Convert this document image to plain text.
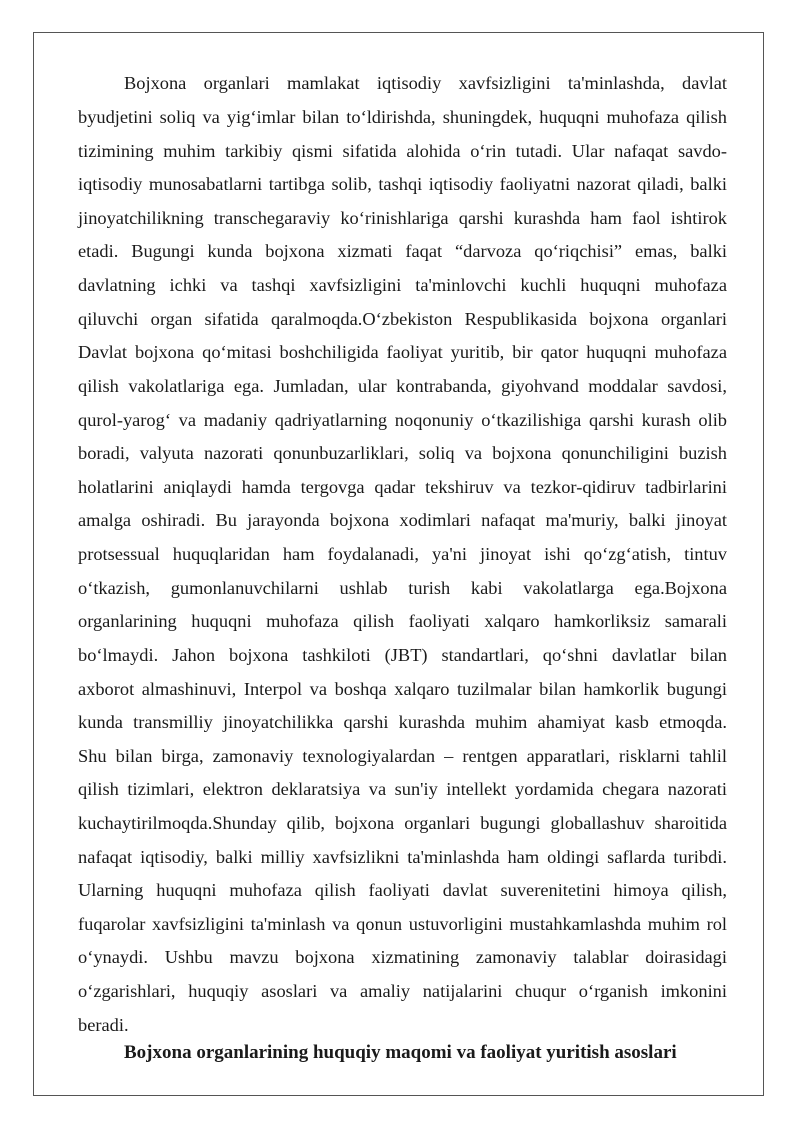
Bojxona organlari mamlakat iqtisodiy xavfsizligini ta'minlashda, davlat

byudjetini soliq va yig‘imlar bilan to‘ldirishda, shuningdek, huquqni muhofaza qilish

tizimining muhim tarkibiy qismi sifatida alohida o‘rin tutadi. Ular nafaqat savdo-

iqtisodiy munosabatlarni tartibga solib, tashqi iqtisodiy faoliyatni nazorat qiladi, balki

jinoyatchilikning transchegaraviy ko‘rinishlariga qarshi kurashda ham faol ishtirok

etadi. Bugungi kunda bojxona xizmati faqat “darvoza qo‘riqchisi” emas, balki

davlatning ichki va tashqi xavfsizligini ta'minlovchi kuchli huquqni muhofaza

qiluvchi organ sifatida qaralmoqda.O‘zbekiston Respublikasida bojxona organlari

Davlat bojxona qo‘mitasi boshchiligida faoliyat yuritib, bir qator huquqni muhofaza

qilish vakolatlariga ega. Jumladan, ular kontrabanda, giyohvand moddalar savdosi,

qurol-yarog‘ va madaniy qadriyatlarning noqonuniy o‘tkazilishiga qarshi kurash olib

boradi, valyuta nazorati qonunbuzarliklari, soliq va bojxona qonunchiligini buzish

holatlarini aniqlaydi hamda tergovga qadar tekshiruv va tezkor-qidiruv tadbirlarini

amalga oshiradi. Bu jarayonda bojxona xodimlari nafaqat ma'muriy, balki jinoyat

protsessual huquqlaridan ham foydalanadi, ya'ni jinoyat ishi qo‘zg‘atish, tintuv

o‘tkazish, gumonlanuvchilarni ushlab turish kabi vakolatlarga ega.Bojxona

organlarining huquqni muhofaza qilish faoliyati xalqaro hamkorliksiz samarali

bo‘lmaydi. Jahon bojxona tashkiloti (JBT) standartlari, qo‘shni davlatlar bilan

axborot almashinuvi, Interpol va boshqa xalqaro tuzilmalar bilan hamkorlik bugungi

kunda transmilliy jinoyatchilikka qarshi kurashda muhim ahamiyat kasb etmoqda.

Shu bilan birga, zamonaviy texnologiyalardan – rentgen apparatlari, risklarni tahlil

qilish tizimlari, elektron deklaratsiya va sun'iy intellekt yordamida chegara nazorati

kuchaytirilmoqda.Shunday qilib, bojxona organlari bugungi globallashuv sharoitida

nafaqat iqtisodiy, balki milliy xavfsizlikni ta'minlashda ham oldingi saflarda turibdi.

Ularning huquqni muhofaza qilish faoliyati davlat suverenitetini himoya qilish,

fuqarolar xavfsizligini ta'minlash va qonun ustuvorligini mustahkamlashda muhim rol

o‘ynaydi. Ushbu mavzu bojxona xizmatining zamonaviy talablar doirasidagi

o‘zgarishlari, huquqiy asoslari va amaliy natijalarini chuqur o‘rganish imkonini

beradi.

Bojxona organlarining huquqiy maqomi va faoliyat yuritish asoslari
